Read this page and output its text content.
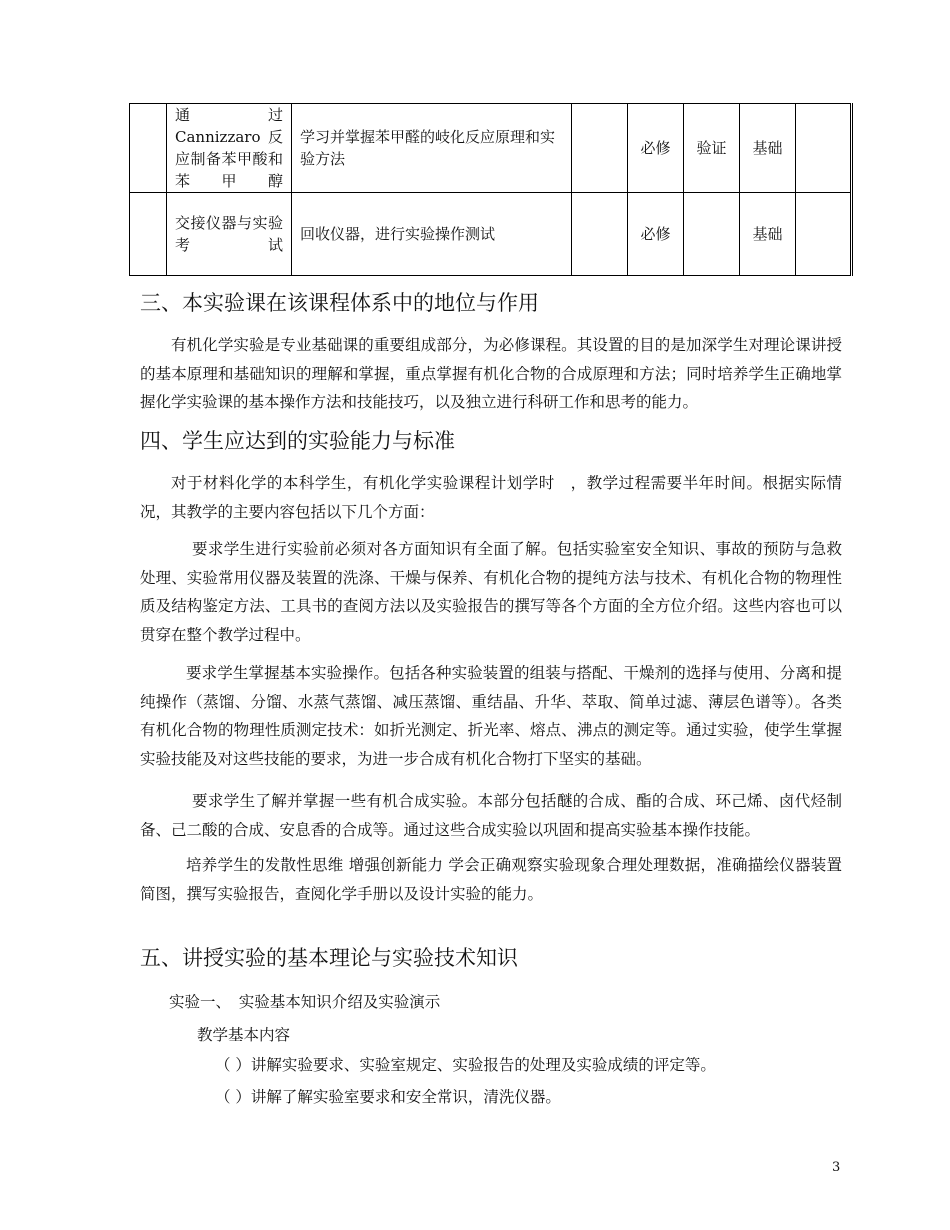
	通过Cannizzaro反应制备苯甲酸和苯甲醇	学习并掌握苯甲醛的岐化反应原理和实验方法		必修	验证	基础	

	交接仪器与实验考试	回收仪器，进行实验操作测试		必修		基础	
三、本实验课在该课程体系中的地位与作用

有机化学实验是专业基础课的重要组成部分，为必修课程。其设置的目的是加深学生对理论课讲授的基本原理和基础知识的理解和掌握，重点掌握有机化合物的合成原理和方法；同时培养学生正确地掌握化学实验课的基本操作方法和技能技巧，以及独立进行科研工作和思考的能力。

四、学生应达到的实验能力与标准

对于材料化学的本科学生，有机化学实验课程计划学时　，教学过程需要半年时间。根据实际情况，其教学的主要内容包括以下几个方面：

要求学生进行实验前必须对各方面知识有全面了解。包括实验室安全知识、事故的预防与急救处理、实验常用仪器及装置的洗涤、干燥与保养、有机化合物的提纯方法与技术、有机化合物的物理性质及结构鉴定方法、工具书的查阅方法以及实验报告的撰写等各个方面的全方位介绍。这些内容也可以贯穿在整个教学过程中。

要求学生掌握基本实验操作。包括各种实验装置的组装与搭配、干燥剂的选择与使用、分离和提纯操作（蒸馏、分馏、水蒸气蒸馏、减压蒸馏、重结晶、升华、萃取、简单过滤、薄层色谱等）。各类有机化合物的物理性质测定技术：如折光测定、折光率、熔点、沸点的测定等。通过实验，使学生掌握实验技能及对这些技能的要求，为进一步合成有机化合物打下坚实的基础。

要求学生了解并掌握一些有机合成实验。本部分包括醚的合成、酯的合成、环己烯、卤代烃制备、己二酸的合成、安息香的合成等。通过这些合成实验以巩固和提高实验基本操作技能。

培养学生的发散性思维 增强创新能力 学会正确观察实验现象合理处理数据，准确描绘仪器装置简图，撰写实验报告，查阅化学手册以及设计实验的能力。

五、讲授实验的基本理论与实验技术知识
实验一、　实验基本知识介绍及实验演示
教学基本内容
（ ）讲解实验要求、实验室规定、实验报告的处理及实验成绩的评定等。
（ ）讲解了解实验室要求和安全常识，清洗仪器。
3
